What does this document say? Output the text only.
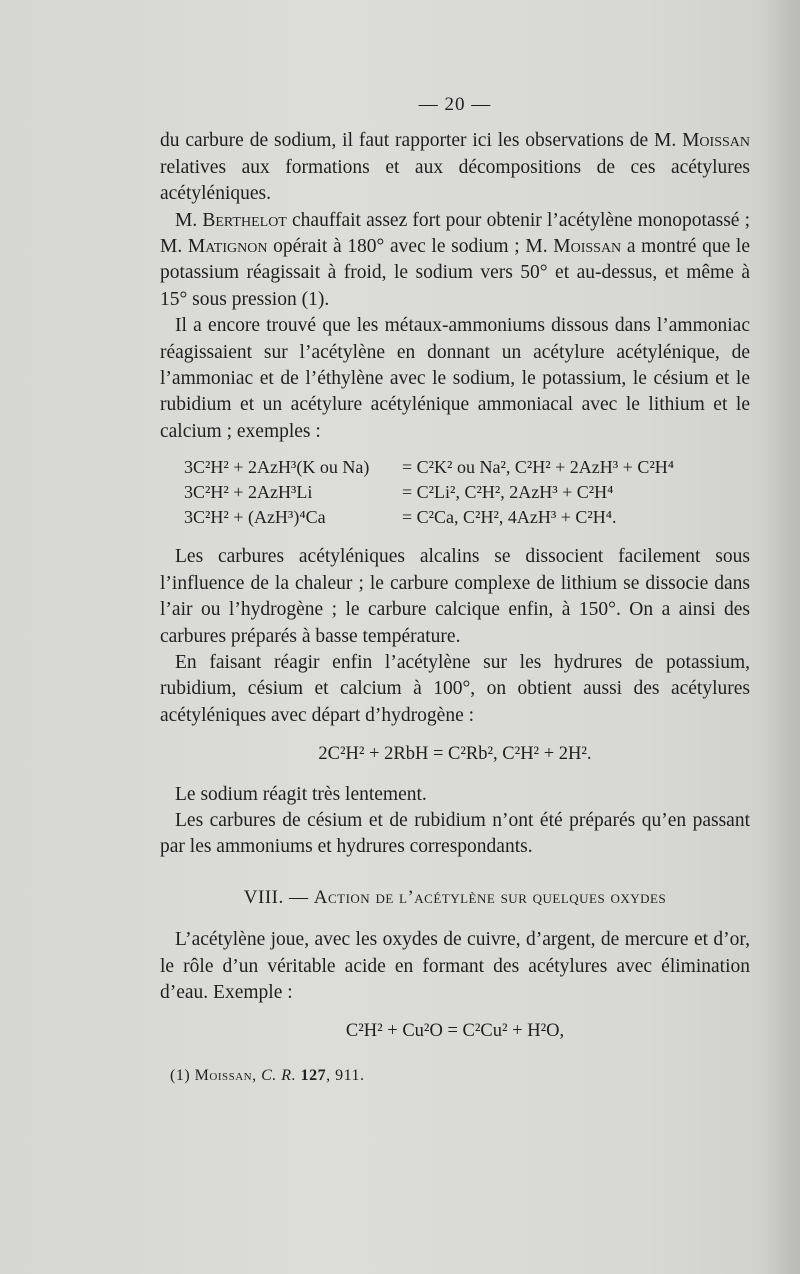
— 20 —

du carbure de sodium, il faut rapporter ici les observations de M. Moissan relatives aux formations et aux décompositions de ces acétylures acétyléniques.

M. Berthelot chauffait assez fort pour obtenir l’acétylène monopotassé ; M. Matignon opérait à 180° avec le sodium ; M. Moissan a montré que le potassium réagissait à froid, le sodium vers 50° et au-dessus, et même à 15° sous pression (1).

Il a encore trouvé que les métaux-ammoniums dissous dans l’ammoniac réagissaient sur l’acétylène en donnant un acétylure acétylénique, de l’ammoniac et de l’éthylène avec le sodium, le potassium, le césium et le rubidium et un acétylure acétylénique ammoniacal avec le lithium et le calcium ; exemples :

3C²H² + 2AzH³(K ou Na)	= C²K² ou Na², C²H² + 2AzH³ + C²H⁴
3C²H² + 2AzH³Li	= C²Li², C²H², 2AzH³ + C²H⁴
3C²H² + (AzH³)⁴Ca	= C²Ca, C²H², 4AzH³ + C²H⁴.

Les carbures acétyléniques alcalins se dissocient facilement sous l’influence de la chaleur ; le carbure complexe de lithium se dissocie dans l’air ou l’hydrogène ; le carbure calcique enfin, à 150°. On a ainsi des carbures préparés à basse température.

En faisant réagir enfin l’acétylène sur les hydrures de potassium, rubidium, césium et calcium à 100°, on obtient aussi des acétylures acétyléniques avec départ d’hydrogène :

2C²H² + 2RbH = C²Rb², C²H² + 2H².

Le sodium réagit très lentement.

Les carbures de césium et de rubidium n’ont été préparés qu’en passant par les ammoniums et hydrures correspondants.

VIII. — Action de l’acétylène sur quelques oxydes

L’acétylène joue, avec les oxydes de cuivre, d’argent, de mercure et d’or, le rôle d’un véritable acide en formant des acétylures avec élimination d’eau. Exemple :

C²H² + Cu²O = C²Cu² + H²O,
(1) Moissan, C. R. 127, 911.
